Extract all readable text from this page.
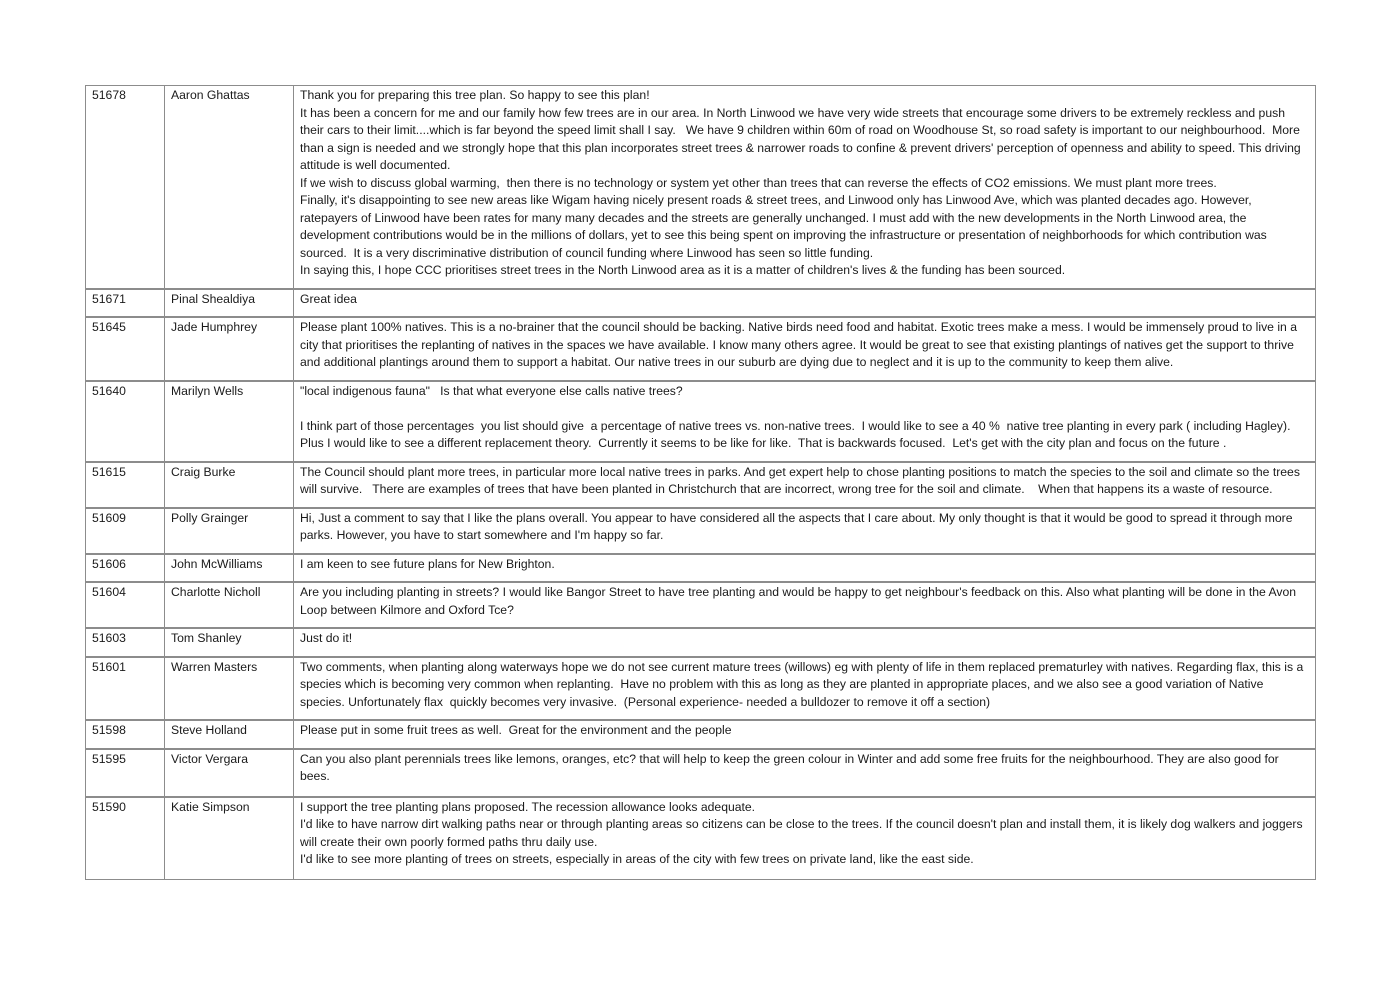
51678	Aaron Ghattas	Thank you for preparing this tree plan. So happy to see this plan!
It has been a concern for me and our family how few trees are in our area. In North Linwood we have very wide streets that encourage some drivers to be extremely reckless and push their cars to their limit....which is far beyond the speed limit shall I say.   We have 9 children within 60m of road on Woodhouse St, so road safety is important to our neighbourhood.  More than a sign is needed and we strongly hope that this plan incorporates street trees & narrower roads to confine & prevent drivers' perception of openness and ability to speed. This driving attitude is well documented.
If we wish to discuss global warming,  then there is no technology or system yet other than trees that can reverse the effects of CO2 emissions. We must plant more trees.
Finally, it's disappointing to see new areas like Wigam having nicely present roads & street trees, and Linwood only has Linwood Ave, which was planted decades ago. However, ratepayers of Linwood have been rates for many many decades and the streets are generally unchanged. I must add with the new developments in the North Linwood area, the development contributions would be in the millions of dollars, yet to see this being spent on improving the infrastructure or presentation of neighborhoods for which contribution was sourced.  It is a very discriminative distribution of council funding where Linwood has seen so little funding.
In saying this, I hope CCC prioritises street trees in the North Linwood area as it is a matter of children's lives & the funding has been sourced.

51671	Pinal Shealdiya	Great idea

51645	Jade Humphrey	Please plant 100% natives. This is a no-brainer that the council should be backing. Native birds need food and habitat. Exotic trees make a mess. I would be immensely proud to live in a city that prioritises the replanting of natives in the spaces we have available. I know many others agree. It would be great to see that existing plantings of natives get the support to thrive and additional plantings around them to support a habitat. Our native trees in our suburb are dying due to neglect and it is up to the community to keep them alive.

51640	Marilyn Wells	"local indigenous fauna"   Is that what everyone else calls native trees?
I think part of those percentages  you list should give  a percentage of native trees vs. non-native trees.  I would like to see a 40 %  native tree planting in every park ( including Hagley). Plus I would like to see a different replacement theory.  Currently it seems to be like for like.  That is backwards focused.  Let's get with the city plan and focus on the future .

51615	Craig Burke	The Council should plant more trees, in particular more local native trees in parks. And get expert help to chose planting positions to match the species to the soil and climate so the trees will survive.   There are examples of trees that have been planted in Christchurch that are incorrect, wrong tree for the soil and climate.    When that happens its a waste of resource.

51609	Polly Grainger	Hi, Just a comment to say that I like the plans overall. You appear to have considered all the aspects that I care about. My only thought is that it would be good to spread it through more parks. However, you have to start somewhere and I'm happy so far.

51606	John McWilliams	I am keen to see future plans for New Brighton.

51604	Charlotte Nicholl	Are you including planting in streets? I would like Bangor Street to have tree planting and would be happy to get neighbour's feedback on this. Also what planting will be done in the Avon Loop between Kilmore and Oxford Tce?

51603	Tom Shanley	Just do it!

51601	Warren Masters	Two comments, when planting along waterways hope we do not see current mature trees (willows) eg with plenty of life in them replaced prematurley with natives. Regarding flax, this is a species which is becoming very common when replanting.  Have no problem with this as long as they are planted in appropriate places, and we also see a good variation of Native species. Unfortunately flax  quickly becomes very invasive.  (Personal experience- needed a bulldozer to remove it off a section)

51598	Steve Holland	Please put in some fruit trees as well.  Great for the environment and the people

51595	Victor Vergara	Can you also plant perennials trees like lemons, oranges, etc? that will help to keep the green colour in Winter and add some free fruits for the neighbourhood. They are also good for bees.

51590	Katie Simpson	I support the tree planting plans proposed. The recession allowance looks adequate.
I'd like to have narrow dirt walking paths near or through planting areas so citizens can be close to the trees. If the council doesn't plan and install them, it is likely dog walkers and joggers will create their own poorly formed paths thru daily use.
I'd like to see more planting of trees on streets, especially in areas of the city with few trees on private land, like the east side.
